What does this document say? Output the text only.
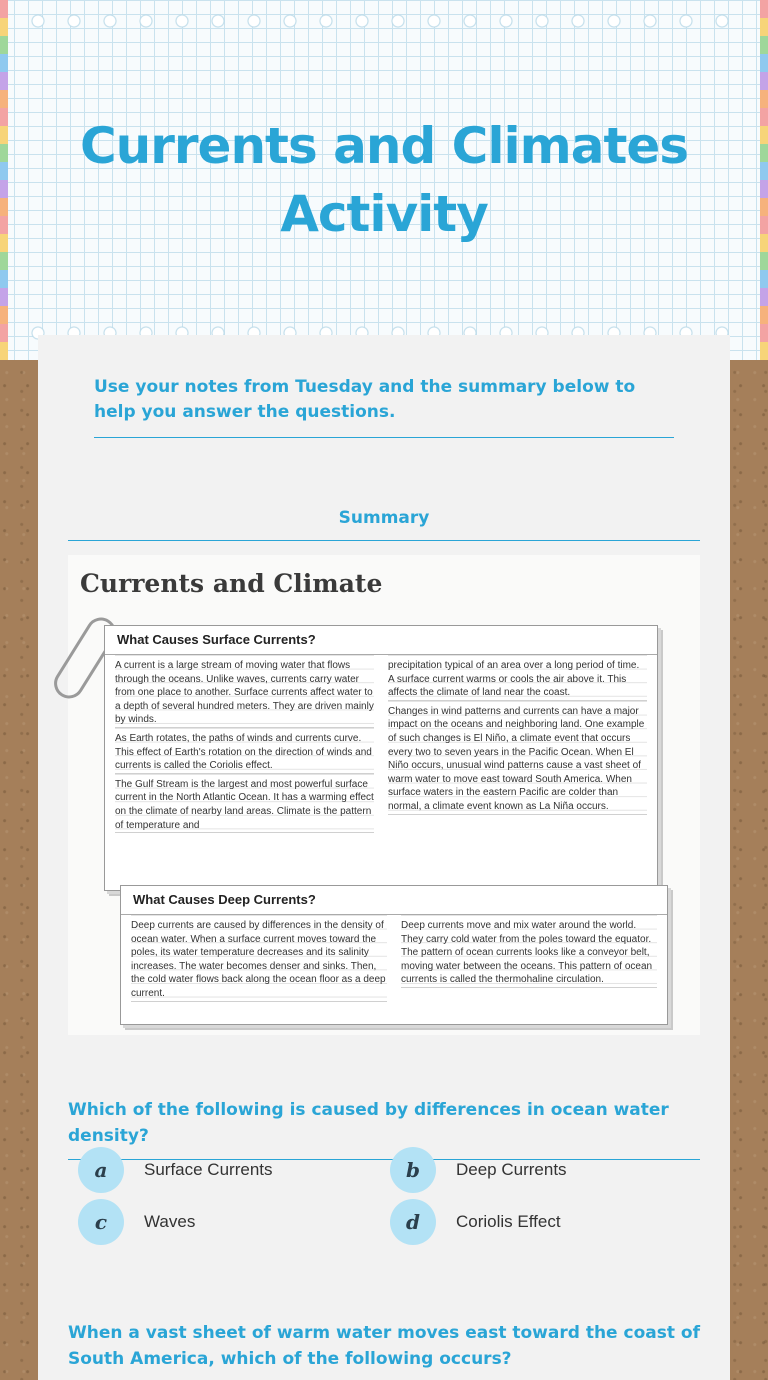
Currents and Climates
Activity
Use your notes from Tuesday and the summary below to help you answer the questions.
Summary
Currents and Climate
What Causes Surface Currents?

A current is a large stream of moving water that flows through the oceans. Unlike waves, currents carry water from one place to another. Surface currents affect water to a depth of several hundred meters. They are driven mainly by winds.

As Earth rotates, the paths of winds and currents curve. This effect of Earth's rotation on the direction of winds and currents is called the Coriolis effect.

The Gulf Stream is the largest and most powerful surface current in the North Atlantic Ocean. It has a warming effect on the climate of nearby land areas. Climate is the pattern of temperature and

precipitation typical of an area over a long period of time. A surface current warms or cools the air above it. This affects the climate of land near the coast.

Changes in wind patterns and currents can have a major impact on the oceans and neighboring land. One example of such changes is El Niño, a climate event that occurs every two to seven years in the Pacific Ocean. When El Niño occurs, unusual wind patterns cause a vast sheet of warm water to move east toward South America. When surface waters in the eastern Pacific are colder than normal, a climate event known as La Niña occurs.

What Causes Deep Currents?

Deep currents are caused by differences in the density of ocean water. When a surface current moves toward the poles, its water temperature decreases and its salinity increases. The water becomes denser and sinks. Then, the cold water flows back along the ocean floor as a deep current.

Deep currents move and mix water around the world. They carry cold water from the poles toward the equator. The pattern of ocean currents looks like a conveyor belt, moving water between the oceans. This pattern of ocean currents is called the thermohaline circulation.

Which of the following is caused by differences in ocean water density?
a	Surface Currents	b	Deep Currents
c	Waves	d	Coriolis Effect
When a vast sheet of warm water moves east toward the coast of South America, which of the following occurs?
